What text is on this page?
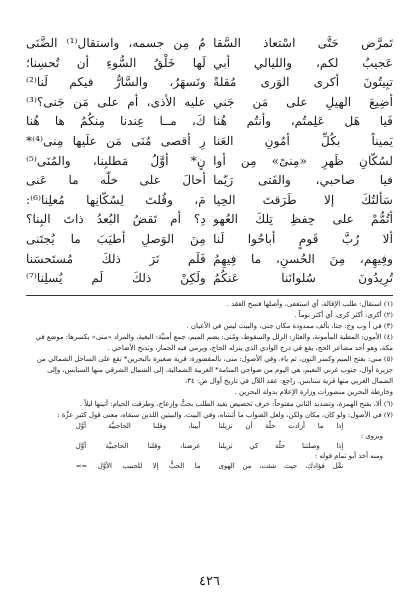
تَمرَّض حَتَّى اسْتعاذ السَّقا
مُ مِن جسمه، واستقال⁽¹⁾ الضَّنَى
عَجيبٌ لكم، والليالي أبي
لَها خَلْقُ السُّوءِ أن تُحسِنا؛
تبِيتُونَ أكرى الوَرى مُقلةً
ونَسهَرُ، والسَّارُّ فيكم لَنا⁽²⁾
أضِيعَ الهيلِ على مَن جَني
عليه الأذى، أم على مَن جَنى؟⁽³⁾
فَيا هَل عَلِمتُم، وأنتُم هُنا
كَ، مــا عِندنا مِنكُمُ ها هُنا
يَميناً بكُلِّ أمُونِ العَنا
رِ أقصى مُنَى مَن علَيها مِنى⁽⁴⁾*
لسُكّانِ ظَهرِ «مِنىً» مِن أوا
نٍ* أوَّلُ مَطلبِنا، والمُنَى⁽⁵⁾
فيا صاحبي، والفَتى رَيّما
أحالَ على خلّه ما عَنى
سَأَلتُكَ إلا طَرَقتَ الحِيا
مَ، وقُلتَ لِسُكّانِها مُعلِنا⁽⁶⁾:
أتُمُّمْ على حِفظِ تِلكَ العُهو
دِ؟ أم تَقضُ البُعدُ ذاتَ البِنا؟
ألا رُبَّ قَومٍ أباحُوا لَنا
مِنَ الوَصلِ أطيَبَ ما يُجتَنى
وفِيهِم، مِنَ الحُسنِ، ما فِيهِمُ
فَلَم نَرَ ذلكَ مُستَحسَنا
تُرِيدُونَ سُلوانَنا عَنكُمُ
ولَكِنْ ذلكَ لَم يُسلِنا⁽⁷⁾

(١) استقال: طلب الإقالة، أي استعفى، وأصلها فسخ العقد .

(٢) أكرى: أكثر كرى، أي أكثر نوماً .

(٣) في أ وب وج: جنا، بألف ممدودة مكان جنى، والبيت ليس في الأعيان .

(٤) الأمون: المطية المأمونة، والعثار: الزلل والسقوط، ومُنى: بضم الميم، جمع أمنيَّة: البغية، والمراد «منى» بكسرها: موضع في مكة، وهو أحد مشاعر الحج، يقع في درج الوادي الذي ينزله الحاج، ويرمي فيه الجمار، وتذبح الأضاحي .

(٥) مني: بفتح الميم وكسر النون، ثم ياء، وفي الأصول: منى، بالمقصورة: قرية صغيرة بالبحرين* تقع على الساحل الشمالي من جزيرة أوال، جنوب غربي النعيم، هي اليوم من ضواحي المنامة* الغربية الشمالية، إلى الشمال الشرقي منها السنابس، وإلى الشمال الغربي منها قرية سنابس. راجع: عقد اللآل في تاريخ أوال ص: ٣٤،

وخارطة البحرين منشورات وزارة الإعلام بدولة البحرين .

(٦) ألا، بفتح الهمزة، وتشديد الثاني مفتوحاً: حرف تحضيض يفيد الطلب بحثٌّ وإزعاج، وطرقت الحيام: أتيتها ليلاً .

(٧) في الأصول: ولو كان، مكان ولكن، ولعل الصواب ما أثبتناه، وفي البيت، والبيتين اللذين سبقاه، معنى قول كثير عزَّة :

إذا ما أرادت خلّة أن تزيلنا
أبينا، وقلنا الحاجبيَّة أوَّل
ويروى :
إذا وصلتنا خلّة كي تزيلنا
عرضنا، وقلنا الحاجبيَّة أوَّل
ومنه أخذ أبو تمام قوله :
نقّل فؤادك، حيث شئت، من الهوى
ما الحبُّ إلا للحبيب الأوَّل ==
٤٢٦
